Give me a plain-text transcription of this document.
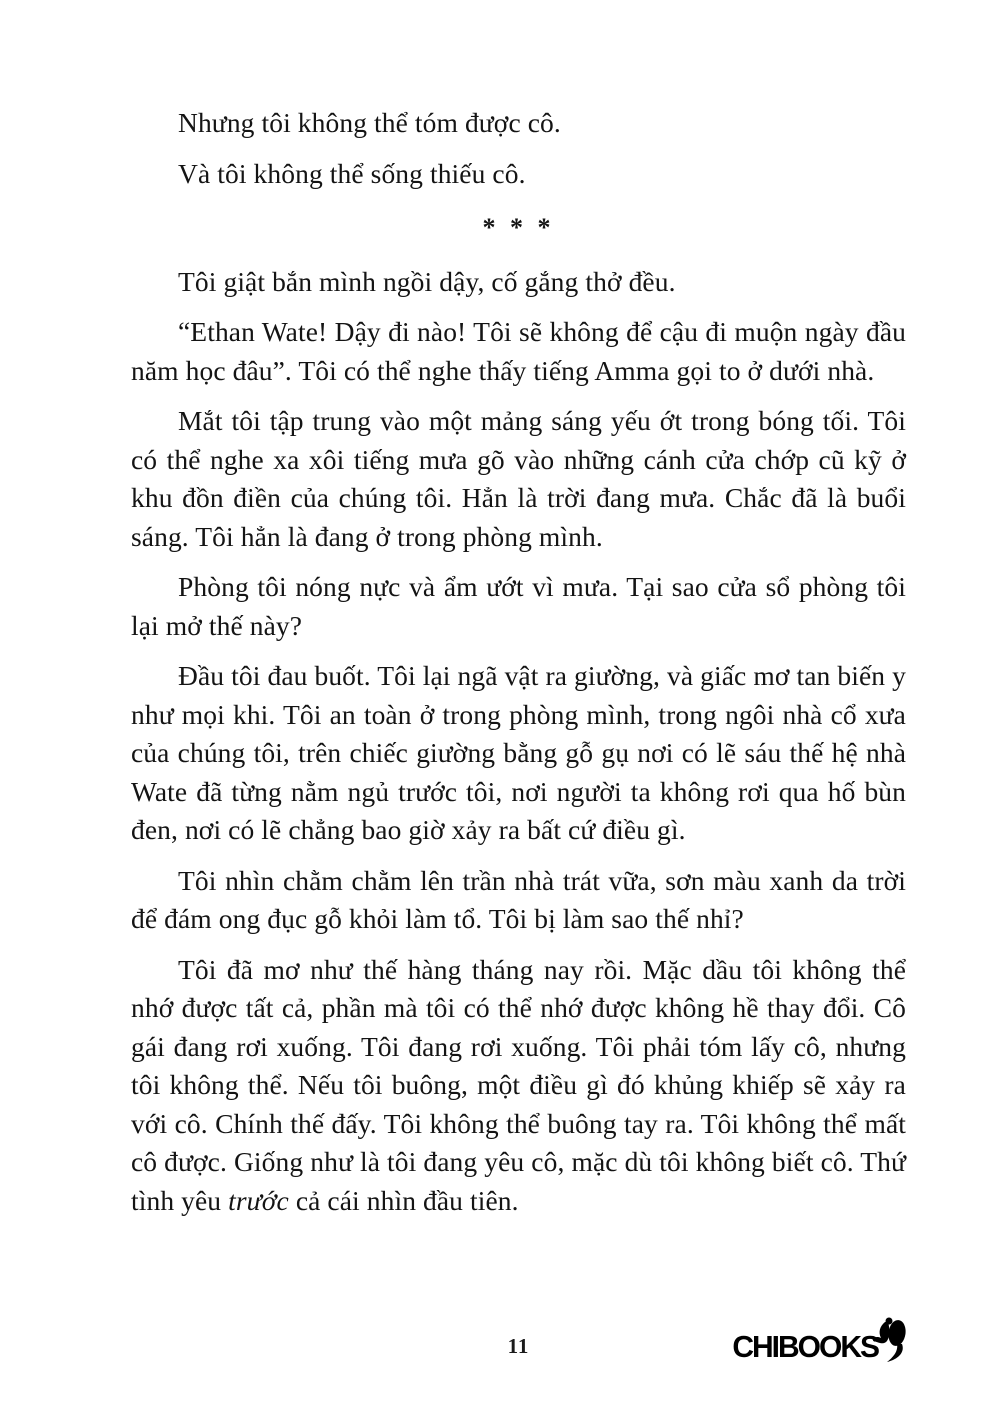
Nhưng tôi không thể tóm được cô.

Và tôi không thể sống thiếu cô.

* * *

Tôi giật bắn mình ngồi dậy, cố gắng thở đều.

“Ethan Wate! Dậy đi nào! Tôi sẽ không để cậu đi muộn ngày đầu năm học đâu”. Tôi có thể nghe thấy tiếng Amma gọi to ở dưới nhà.

Mắt tôi tập trung vào một mảng sáng yếu ớt trong bóng tối. Tôi có thể nghe xa xôi tiếng mưa gõ vào những cánh cửa chớp cũ kỹ ở khu đồn điền của chúng tôi. Hẳn là trời đang mưa. Chắc đã là buổi sáng. Tôi hẳn là đang ở trong phòng mình.

Phòng tôi nóng nực và ẩm ướt vì mưa. Tại sao cửa sổ phòng tôi lại mở thế này?

Đầu tôi đau buốt. Tôi lại ngã vật ra giường, và giấc mơ tan biến y như mọi khi. Tôi an toàn ở trong phòng mình, trong ngôi nhà cổ xưa của chúng tôi, trên chiếc giường bằng gỗ gụ nơi có lẽ sáu thế hệ nhà Wate đã từng nằm ngủ trước tôi, nơi người ta không rơi qua hố bùn đen, nơi có lẽ chẳng bao giờ xảy ra bất cứ điều gì.

Tôi nhìn chằm chằm lên trần nhà trát vữa, sơn màu xanh da trời để đám ong đục gỗ khỏi làm tổ. Tôi bị làm sao thế nhỉ?

Tôi đã mơ như thế hàng tháng nay rồi. Mặc dầu tôi không thể nhớ được tất cả, phần mà tôi có thể nhớ được không hề thay đổi. Cô gái đang rơi xuống. Tôi đang rơi xuống. Tôi phải tóm lấy cô, nhưng tôi không thể. Nếu tôi buông, một điều gì đó khủng khiếp sẽ xảy ra với cô. Chính thế đấy. Tôi không thể buông tay ra. Tôi không thể mất cô được. Giống như là tôi đang yêu cô, mặc dù tôi không biết cô. Thứ tình yêu trước cả cái nhìn đầu tiên.

11	CHIBOOKS
